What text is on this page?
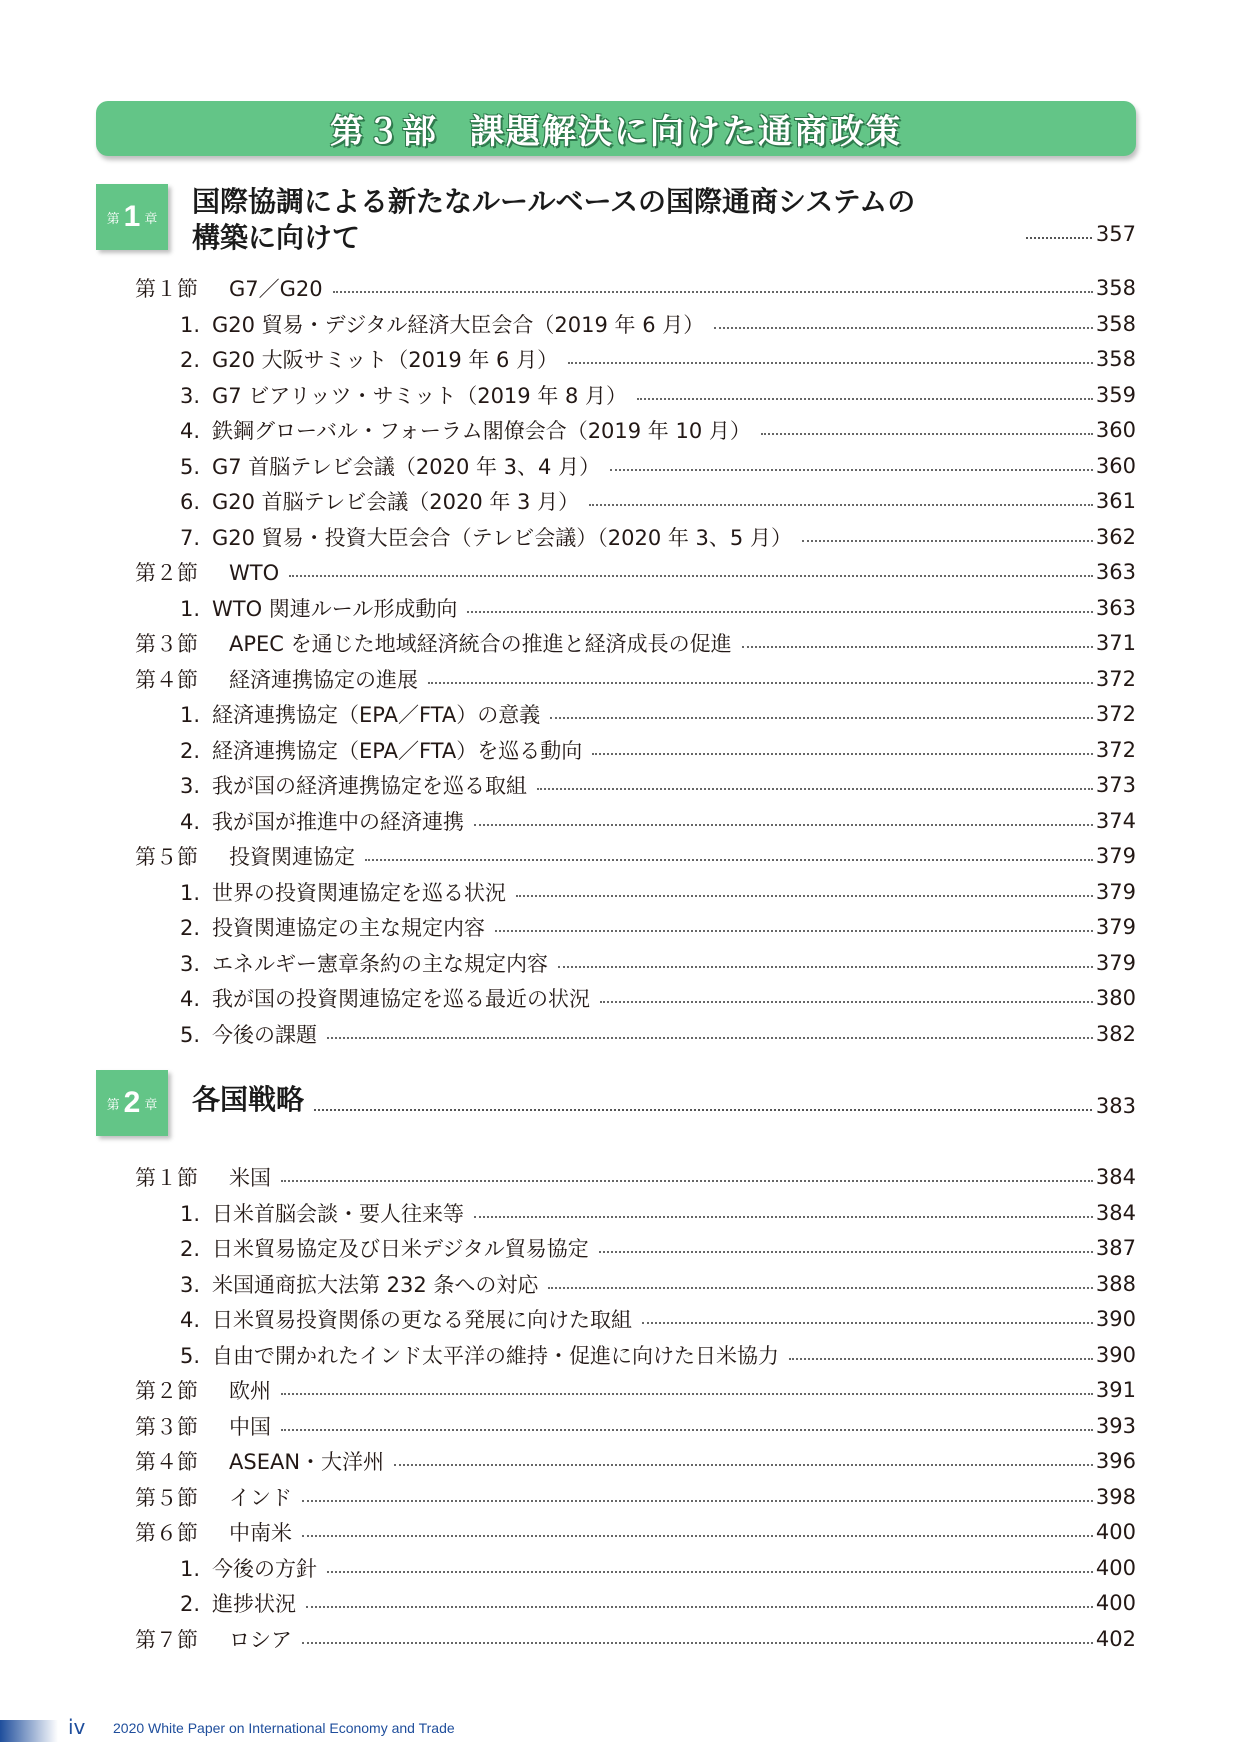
第３部 課題解決に向けた通商政策
第 1 章
国際協調による新たなルールベースの国際通商システムの
構築に向けて	357
第１節 G7／G20	358
1. G20 貿易・デジタル経済大臣会合（2019 年 6 月）	358
2. G20 大阪サミット（2019 年 6 月）	358
3. G7 ビアリッツ・サミット（2019 年 8 月）	359
4. 鉄鋼グローバル・フォーラム閣僚会合（2019 年 10 月）	360
5. G7 首脳テレビ会議（2020 年 3、4 月）	360
6. G20 首脳テレビ会議（2020 年 3 月）	361
7. G20 貿易・投資大臣会合（テレビ会議）（2020 年 3、5 月）	362
第２節 WTO	363
1. WTO 関連ルール形成動向	363
第３節 APEC を通じた地域経済統合の推進と経済成長の促進	371
第４節 経済連携協定の進展	372
1. 経済連携協定（EPA／FTA）の意義	372
2. 経済連携協定（EPA／FTA）を巡る動向	372
3. 我が国の経済連携協定を巡る取組	373
4. 我が国が推進中の経済連携	374
第５節 投資関連協定	379
1. 世界の投資関連協定を巡る状況	379
2. 投資関連協定の主な規定内容	379
3. エネルギー憲章条約の主な規定内容	379
4. 我が国の投資関連協定を巡る最近の状況	380
5. 今後の課題	382
第 2 章 各国戦略	383
第１節 米国	384
1. 日米首脳会談・要人往来等	384
2. 日米貿易協定及び日米デジタル貿易協定	387
3. 米国通商拡大法第 232 条への対応	388
4. 日米貿易投資関係の更なる発展に向けた取組	390
5. 自由で開かれたインド太平洋の維持・促進に向けた日米協力	390
第２節 欧州	391
第３節 中国	393
第４節 ASEAN・大洋州	396
第５節 インド	398
第６節 中南米	400
1. 今後の方針	400
2. 進捗状況	400
第７節 ロシア	402
iv 2020 White Paper on International Economy and Trade
